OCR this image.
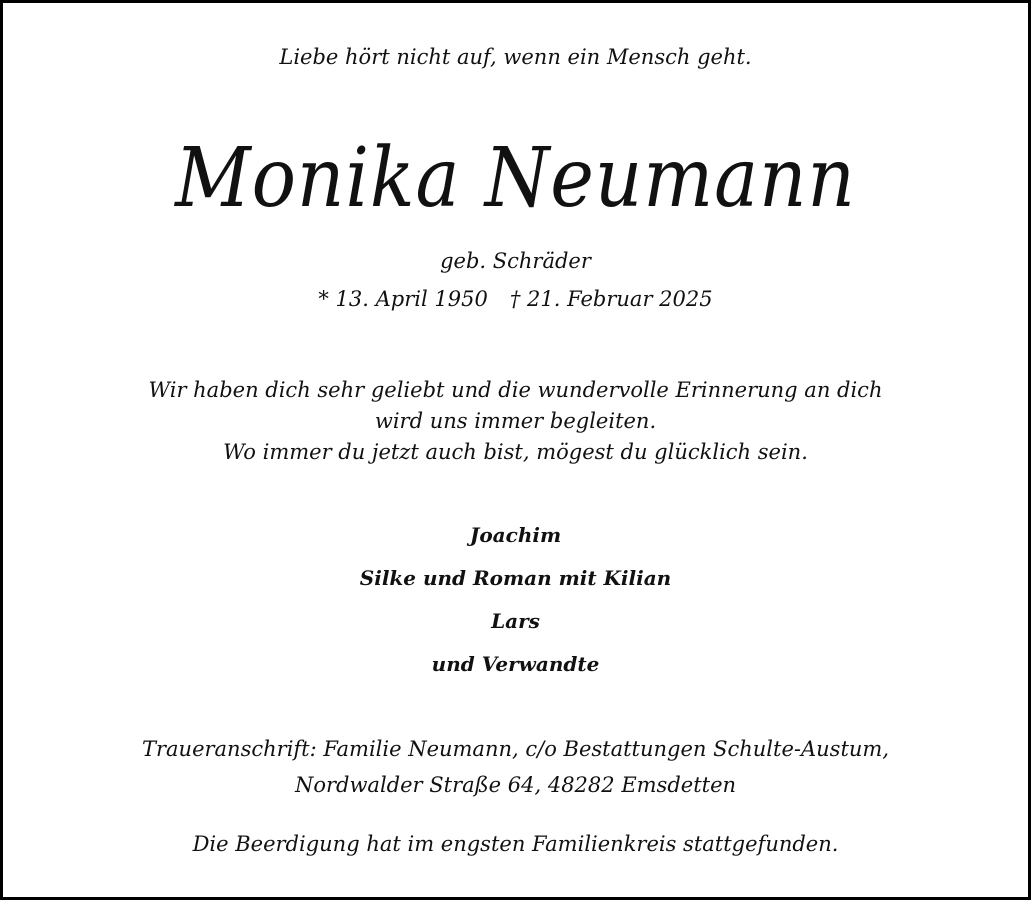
Liebe hört nicht auf, wenn ein Mensch geht.
Monika Neumann
geb. Schräder
* 13. April 1950 † 21. Februar 2025
Wir haben dich sehr geliebt und die wundervolle Erinnerung an dich
wird uns immer begleiten.
Wo immer du jetzt auch bist, mögest du glücklich sein.
Joachim
Silke und Roman mit Kilian
Lars
und Verwandte
Traueranschrift: Familie Neumann, c/o Bestattungen Schulte-Austum,
Nordwalder Straße 64, 48282 Emsdetten
Die Beerdigung hat im engsten Familienkreis stattgefunden.
